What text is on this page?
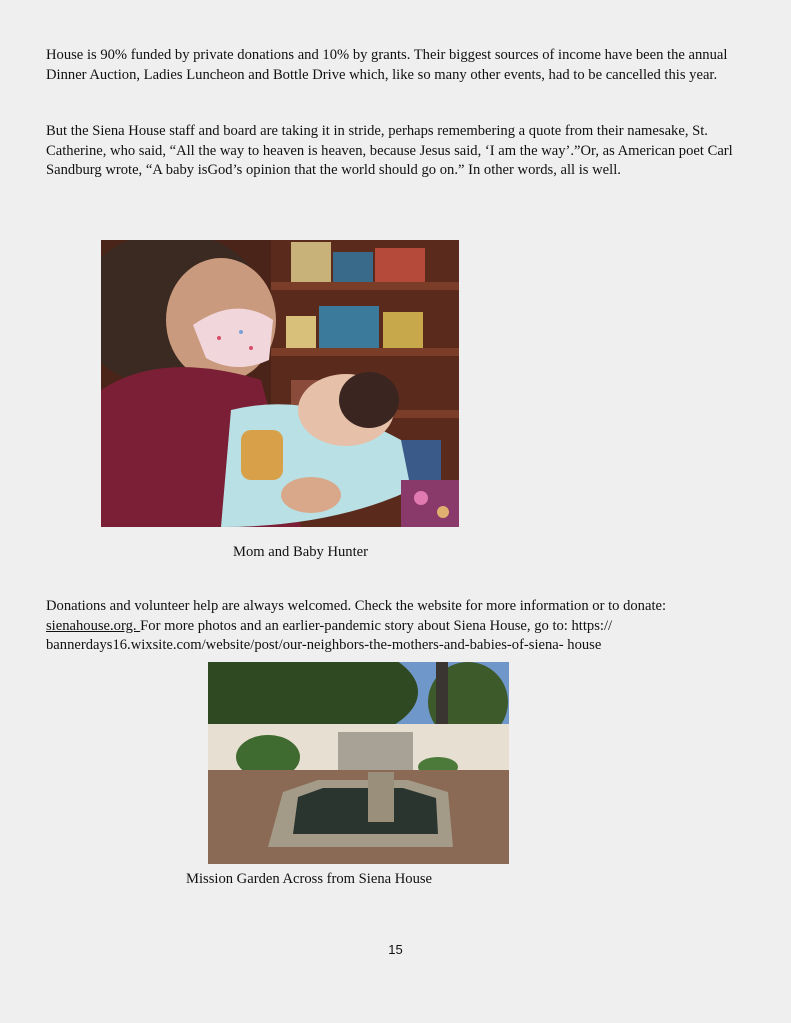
House is 90% funded by private donations and 10% by grants. Their biggest sources of income have been the annual Dinner Auction, Ladies Luncheon and Bottle Drive which, like so many other events, had to be cancelled this year.

But the Siena House staff and board are taking it in stride, perhaps remembering a quote from their namesake, St. Catherine, who said, “All the way to heaven is heaven, because Jesus said, ‘I am the way’.”Or, as American poet Carl Sandburg wrote, “A baby isGod’s opinion that the world should go on.” In other words, all is well.

Mom and Baby Hunter

Donations and volunteer help are always welcomed. Check the website for more information or to donate: sienahouse.org. For more photos and an earlier-pandemic story about Siena House, go to: https:// bannerdays16.wixsite.com/website/post/our-neighbors-the-mothers-and-babies-of-siena- house

Mission Garden Across from Siena House

15
